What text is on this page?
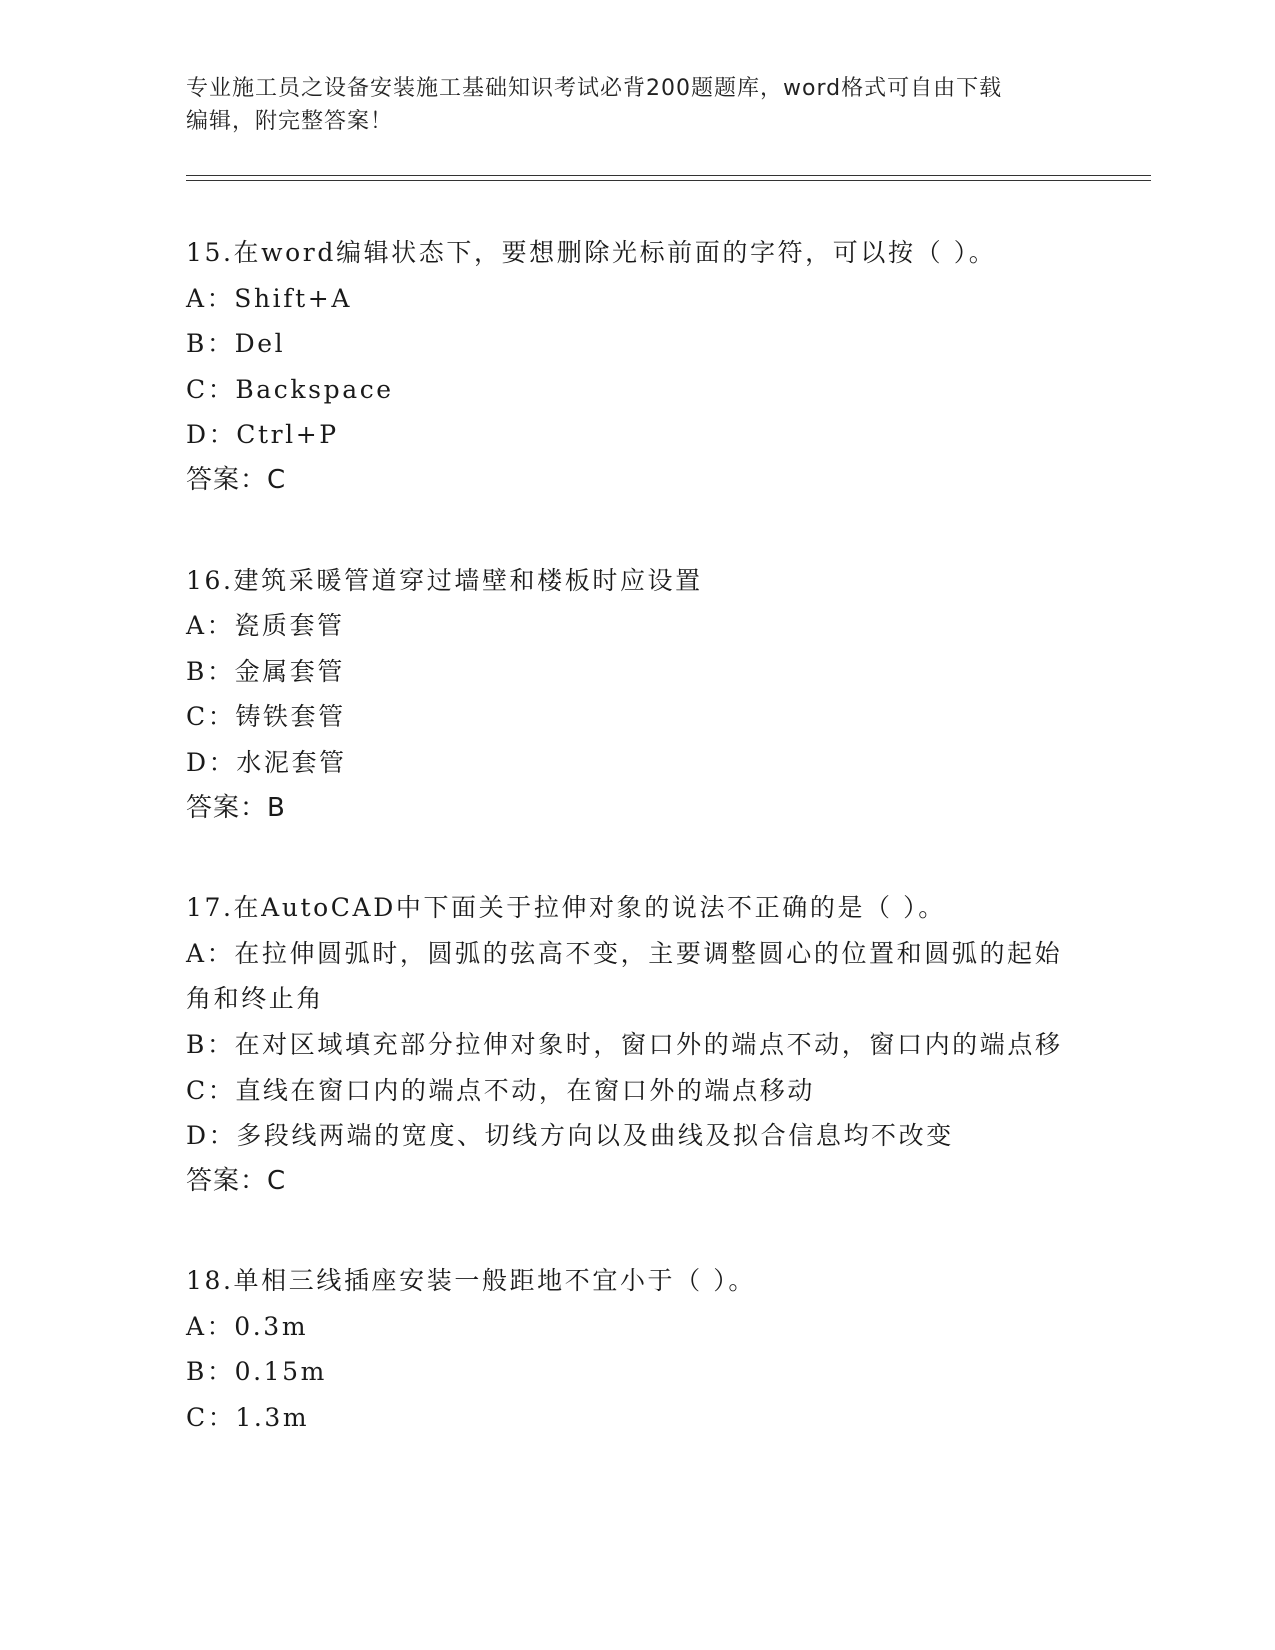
专业施工员之设备安装施工基础知识考试必背200题题库，word格式可自由下载
编辑，附完整答案！
15.在word编辑状态下，要想删除光标前面的字符，可以按（ ）。
A：Shift+A
B：Del
C：Backspace
D：Ctrl+P
答案：C
16.建筑采暖管道穿过墙壁和楼板时应设置
A：瓷质套管
B：金属套管
C：铸铁套管
D：水泥套管
答案：B
17.在AutoCAD中下面关于拉伸对象的说法不正确的是（ ）。
A：在拉伸圆弧时，圆弧的弦高不变，主要调整圆心的位置和圆弧的起始角和终止角
B：在对区域填充部分拉伸对象时，窗口外的端点不动，窗口内的端点移
C：直线在窗口内的端点不动，在窗口外的端点移动
D：多段线两端的宽度、切线方向以及曲线及拟合信息均不改变
答案：C
18.单相三线插座安装一般距地不宜小于（ ）。
A：0.3m
B：0.15m
C：1.3m
